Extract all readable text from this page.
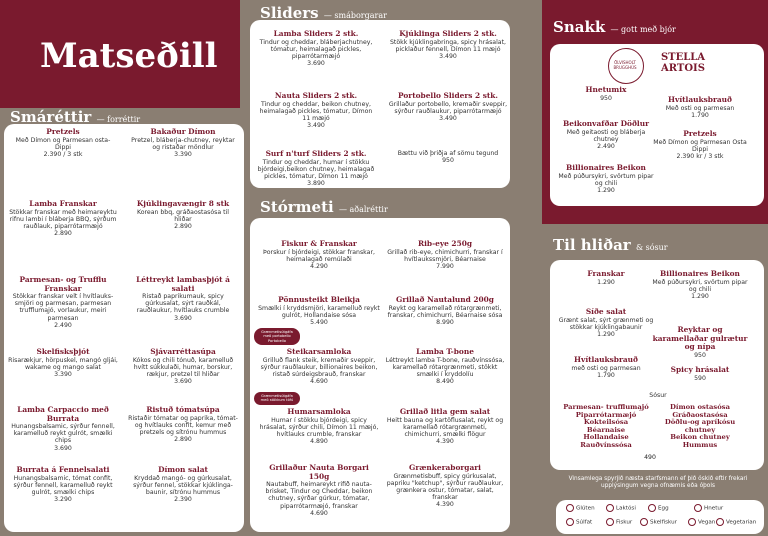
Matseðill
Smáréttir — forréttir
Sliders — smáborgarar
Stórmeti — aðalréttir
Snakk — gott með bjór
ÖLVISHOLT BRUGGHÚS
STELLA ARTOIS
Til hliðar & sósur
Vinsamlega spyrjið næsta starfsmann ef þið óskið eftir frekari upplýsingum vegna ofnæmis eða óþols
Glúten	Laktósi	Egg	Hnetur
Súlfat	Fiskur	Skelfiskur	Vegan	Vegetarian
Pretzels
Með Dímon og Parmesan osta-Dippi
2.390 / 3 stk
Bakaður Dímon
Pretzel, bláberja-chutney, reyktar og ristaðar möndlur
3.390
Lamba Franskar
Stökkar franskar með heimareyktu rifnu lambi í bláberja BBQ, sýrðum rauðlauk, piparrótarmæjó
2.890
Kjúklingavængir 8 stk
Korean bbq, gráðaostasósa til hliðar
2.890
Parmesan- og Trufflu Franskar
Stökkar franskar velt í hvítlauks-smjöri og parmesan, parmesan truffluma̧jó, vorlaukur, meiri parmesan
2.490
Léttreykt lambasþjót á salati
Ristað paprikumauk, spicy gúrkusalat, sýrt rauðkál, rauðlaukur, hvítlauks crumble
3.690
Skelfisksþjót
Risarækjur, hörpuskel, mangó gljái, wakame og mango salat
3.390
Sjávarréttasúpa
Kókos og chili tónuð, karamelluð hvítt súkkulaði, humar, borskur, rækjur, pretzel til hliðar
3.690
Lamba Carpaccio með Burrata
Hunangsbalsamic, sýrður fennell, karamelluð reykt gulrót, smælki chips
3.690
Ristuð tómatsúpa
Ristaðir tómatar og paprika, tómat- og hvítlauks confit, kemur með pretzels og sítrónu hummus
2.890
Burrata á Fennelsalati
Hunangsbalsamic, tómat confit, sýrður fennell, karamelluð reykt gulrót, smælki chips
3.290
Dímon salat
Kryddað mangó- og gúrkusalat, sýrður fennel, stökkar kjúklinga-baunir, sítrónu hummus
2.390
Lamba Sliders 2 stk.
Tindur og cheddar, bláberjachutney, tómatur, heimalagað pickles, piparrótarmæjó
3.690
Kjúklinga Sliders 2 stk.
Stökk kjúklingabringa, spicy hrásalat, picklaður fennell, Dímon 11 mæjó
3.490
Nauta Sliders 2 stk.
Tindur og cheddar, beikon chutney, heimalagað pickles, tómatur, Dímon 11 mæjó
3.490
Portobello Sliders 2 stk.
Grillaður portobello, kremaðir sveppir, sýrður rauðlaukur, piparrótarmæjó
3.490
Surf n'turf Sliders 2 stk.
Tindur og cheddar, humar í stökku bjórdeigi,beikon chutney, heimalagað pickles, tómatur, Dímon 11 mæjó
3.890
Bættu við þriðja af sömu tegund
950
Fiskur & Franskar
Þorskur í bjórdeigi, stökkar franskar, heimalagað remúlaði
4.290
Rib-eye 250g
Grillað rib-eye, chimichurri, franskar í hvítlaukssmjöri, Béarnaise
7.990
Pönnusteikt Bleikja
Smælki í kryddsmjöri, karamelluð reykt gulrót, Hollandaise sósa
5.490
Grillað Nautalund 200g
Reykt og karamellað rótargrænmeti, franskar, chimichurri, Béarnaise sósa
8.990
Steikarsamloka
Grilluð flank steik, kremaðir sveppir, sýrður rauðlaukur, billionaires beikon, ristað súrdeigsbrauð, franskar
4.690
Lamba T-bone
Léttreykt lamba T-bone, rauðvínssósa, karamellað rótargrænmeti, stökkt smælki í kryddolíu
8.490
Humarsamloka
Humar í stökku bjórdeigi, spicy hrásalat, sýrður chili, Dímon 11 mæjó, hvítlauks crumble, franskar
4.890
Grillað litla gem salat
Heitt bauna og kartöflusalat, reykt og karamellað rótargrænmeti, chimichurri, smælki flögur
4.390
Grillaður Nauta Borgari 150g
Nautabuff, heimareykt rifið nauta-brisket, Tindur og Cheddar, beikon chutney, sýrðar gúrkur, tómatar, piparrótarmæjó, franskar
4.690
Grænkeraborgari
Grænmetisbuff, spicy gúrkusalat, papriku "ketchup", sýrður rauðlaukur, grænkera ostur, tómatar, salat, franskar
4.390
Hnetumix
950	Hvítlauksbrauð
Með osti og parmesan
1.790
Beikonvafðar Döðlur
Með geitaosti og bláberja chutney
2.490
Pretzels
Með Dímon og Parmesan Osta Dippi
2.390 kr / 3 stk
Billionaires Beikon
Með púðursykri, svörtum pipar og chili
1.290
Franskar
1.290
Billionaires Beikon
Með púðursykri, svörtum pipar og chili
1.290
Síðe salat
Grænt salat, sýrt grænmeti og stökkar kjúklingabaunir
1.290
Reyktar og karamellaðar gulrætur og nípa
950
Hvítlauksbrauð
með osti og parmesan
1.790
Spicy hrásalat
590
Sósur
Parmesan- truffluma̧jó
Piparrótarmæjó
Kokteilsósa
Béarnaise
Hollandaise
Rauðvínssósa
Dímon ostasósa
Gráðaostasósa
Döðlu-og apríkósu chutney
Beikon chutney
Hummus
490
Grænmetisútgáfa með portobello Portobello
Grænmetisútgáfa með stökkum tófú
